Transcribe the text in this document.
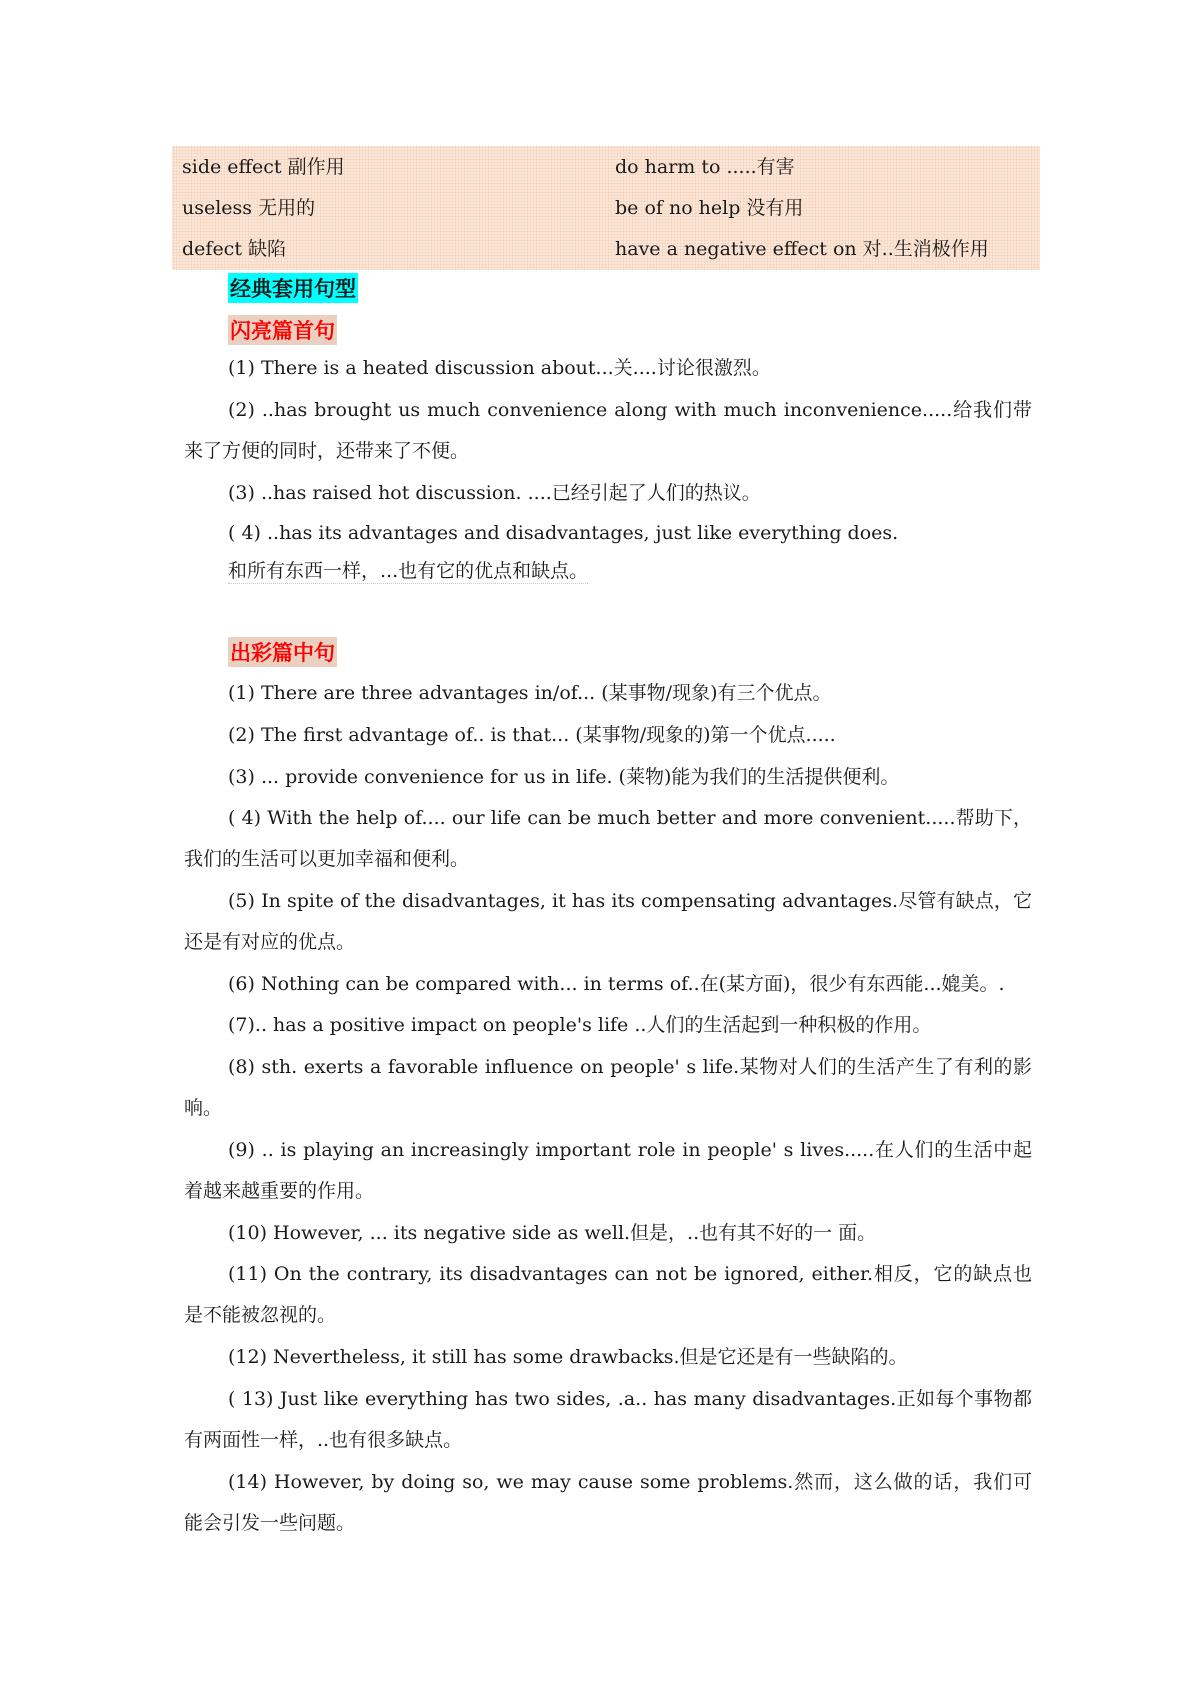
side effect 副作用	do harm to .....有害
useless 无用的	be of no help 没有用
defect 缺陷	have a negative effect on 对..生消极作用
经典套用句型
闪亮篇首句
(1) There is a heated discussion about...关....讨论很激烈。
(2) ..has brought us much convenience along with much inconvenience.....给我们带来了方便的同时，还带来了不便。
(3) ..has raised hot discussion. ....已经引起了人们的热议。
( 4) ..has its advantages and disadvantages, just like everything does.
和所有东西一样，...也有它的优点和缺点。
出彩篇中句
(1) There are three advantages in/of... (某事物/现象)有三个优点。
(2) The first advantage of.. is that... (某事物/现象的)第一个优点.....
(3) ... provide convenience for us in life. (莱物)能为我们的生活提供便利。
( 4) With the help of.... our life can be much better and more convenient.....帮助下，我们的生活可以更加幸福和便利。
(5) In spite of the disadvantages, it has its compensating advantages.尽管有缺点，它还是有对应的优点。
(6) Nothing can be compared with... in terms of..在(某方面)，很少有东西能...媲美。.
(7).. has a positive impact on people's life ..人们的生活起到一种积极的作用。
(8) sth. exerts a favorable influence on people' s life.某物对人们的生活产生了有利的影响。
(9) .. is playing an increasingly important role in people' s lives.....在人们的生活中起着越来越重要的作用。
(10) However, ... its negative side as well.但是，..也有其不好的一 面。
(11) On the contrary, its disadvantages can not be ignored, either.相反，它的缺点也是不能被忽视的。
(12) Nevertheless, it still has some drawbacks.但是它还是有一些缺陷的。
( 13) Just like everything has two sides, .a.. has many disadvantages.正如每个事物都有两面性一样，..也有很多缺点。
(14) However, by doing so, we may cause some problems.然而，这么做的话，我们可能会引发一些问题。
